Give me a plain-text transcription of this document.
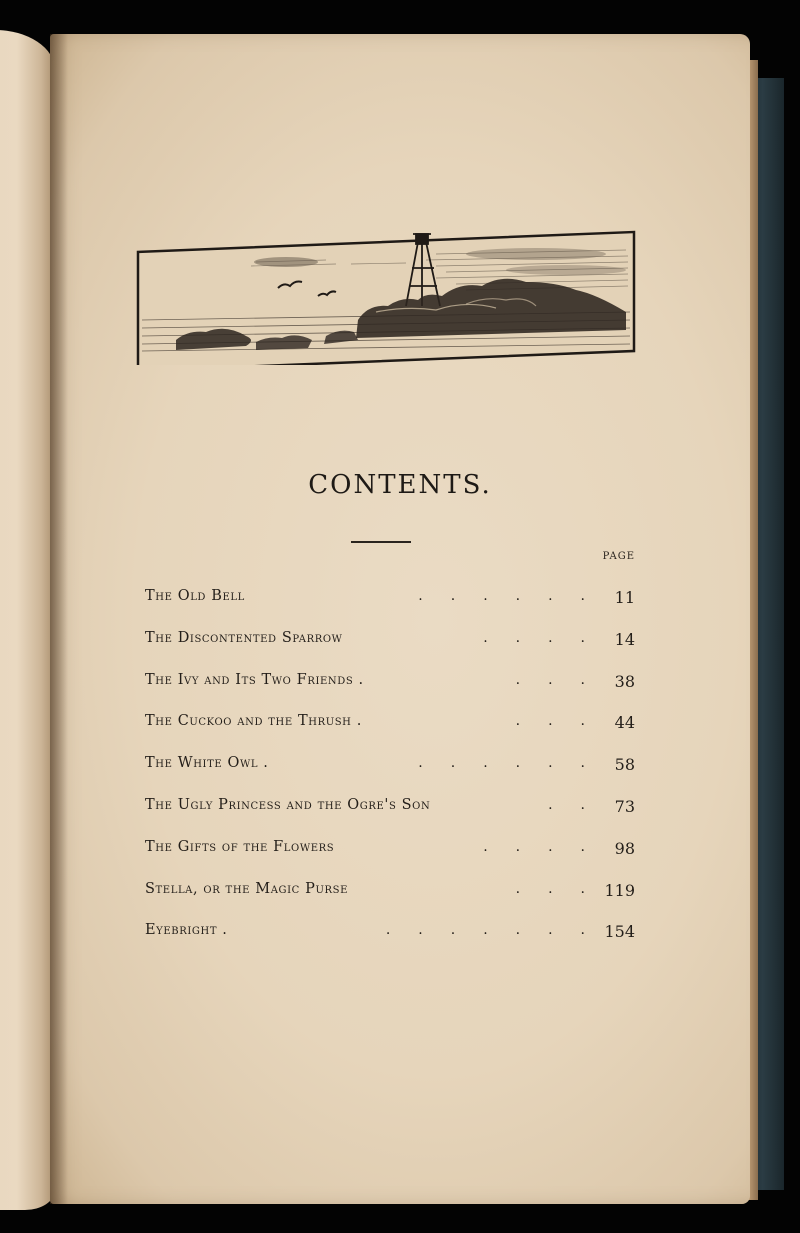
CONTENTS.
PAGE
The Old Bell	.  .  .  .  .  .	11
The Discontented Sparrow	.  .  .  .	14
The Ivy and Its Two Friends .	.  .  .	38
The Cuckoo and the Thrush .	.  .  .	44
The White Owl .	.  .  .  .  .  .	58
The Ugly Princess and the Ogre's Son	.  .	73
The Gifts of the Flowers	.  .  .  .	98
Stella, or the Magic Purse	.  .  .	119
Eyebright .	.  .  .  .  .  .  .	154
